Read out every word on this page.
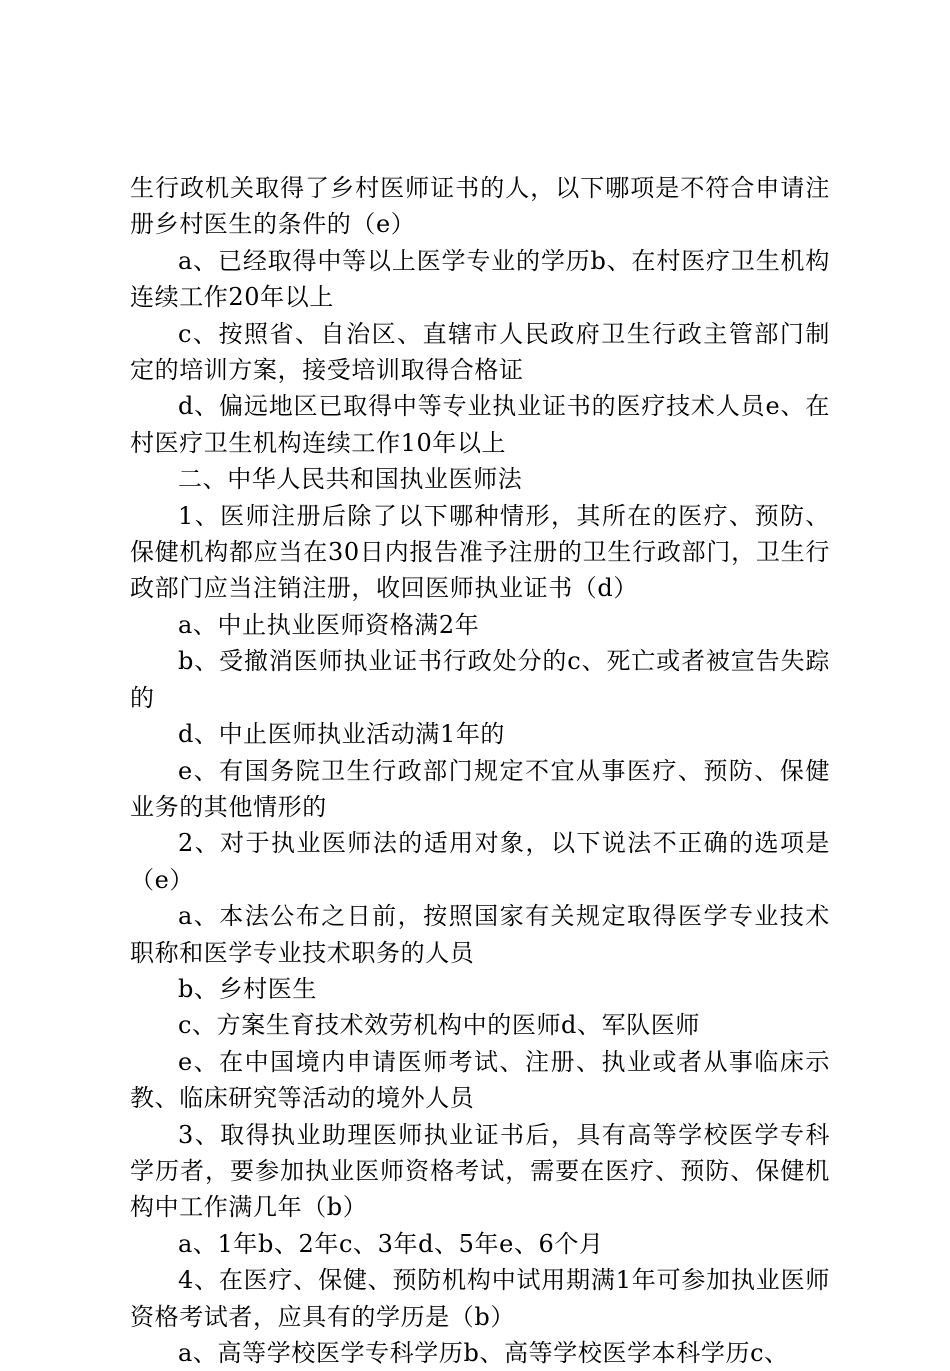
生行政机关取得了乡村医师证书的人，以下哪项是不符合申请注册乡村医生的条件的（e）

a、已经取得中等以上医学专业的学历b、在村医疗卫生机构连续工作20年以上

c、按照省、自治区、直辖市人民政府卫生行政主管部门制定的培训方案，接受培训取得合格证

d、偏远地区已取得中等专业执业证书的医疗技术人员e、在村医疗卫生机构连续工作10年以上

二、中华人民共和国执业医师法

1、医师注册后除了以下哪种情形，其所在的医疗、预防、保健机构都应当在30日内报告准予注册的卫生行政部门，卫生行政部门应当注销注册，收回医师执业证书（d）

a、中止执业医师资格满2年

b、受撤消医师执业证书行政处分的c、死亡或者被宣告失踪的

d、中止医师执业活动满1年的

e、有国务院卫生行政部门规定不宜从事医疗、预防、保健业务的其他情形的

2、对于执业医师法的适用对象，以下说法不正确的选项是（e）

a、本法公布之日前，按照国家有关规定取得医学专业技术职称和医学专业技术职务的人员

b、乡村医生

c、方案生育技术效劳机构中的医师d、军队医师

e、在中国境内申请医师考试、注册、执业或者从事临床示教、临床研究等活动的境外人员

3、取得执业助理医师执业证书后，具有高等学校医学专科学历者，要参加执业医师资格考试，需要在医疗、预防、保健机构中工作满几年（b）

a、1年b、2年c、3年d、5年e、6个月

4、在医疗、保健、预防机构中试用期满1年可参加执业医师资格考试者，应具有的学历是（b）

a、高等学校医学专科学历b、高等学校医学本科学历c、
